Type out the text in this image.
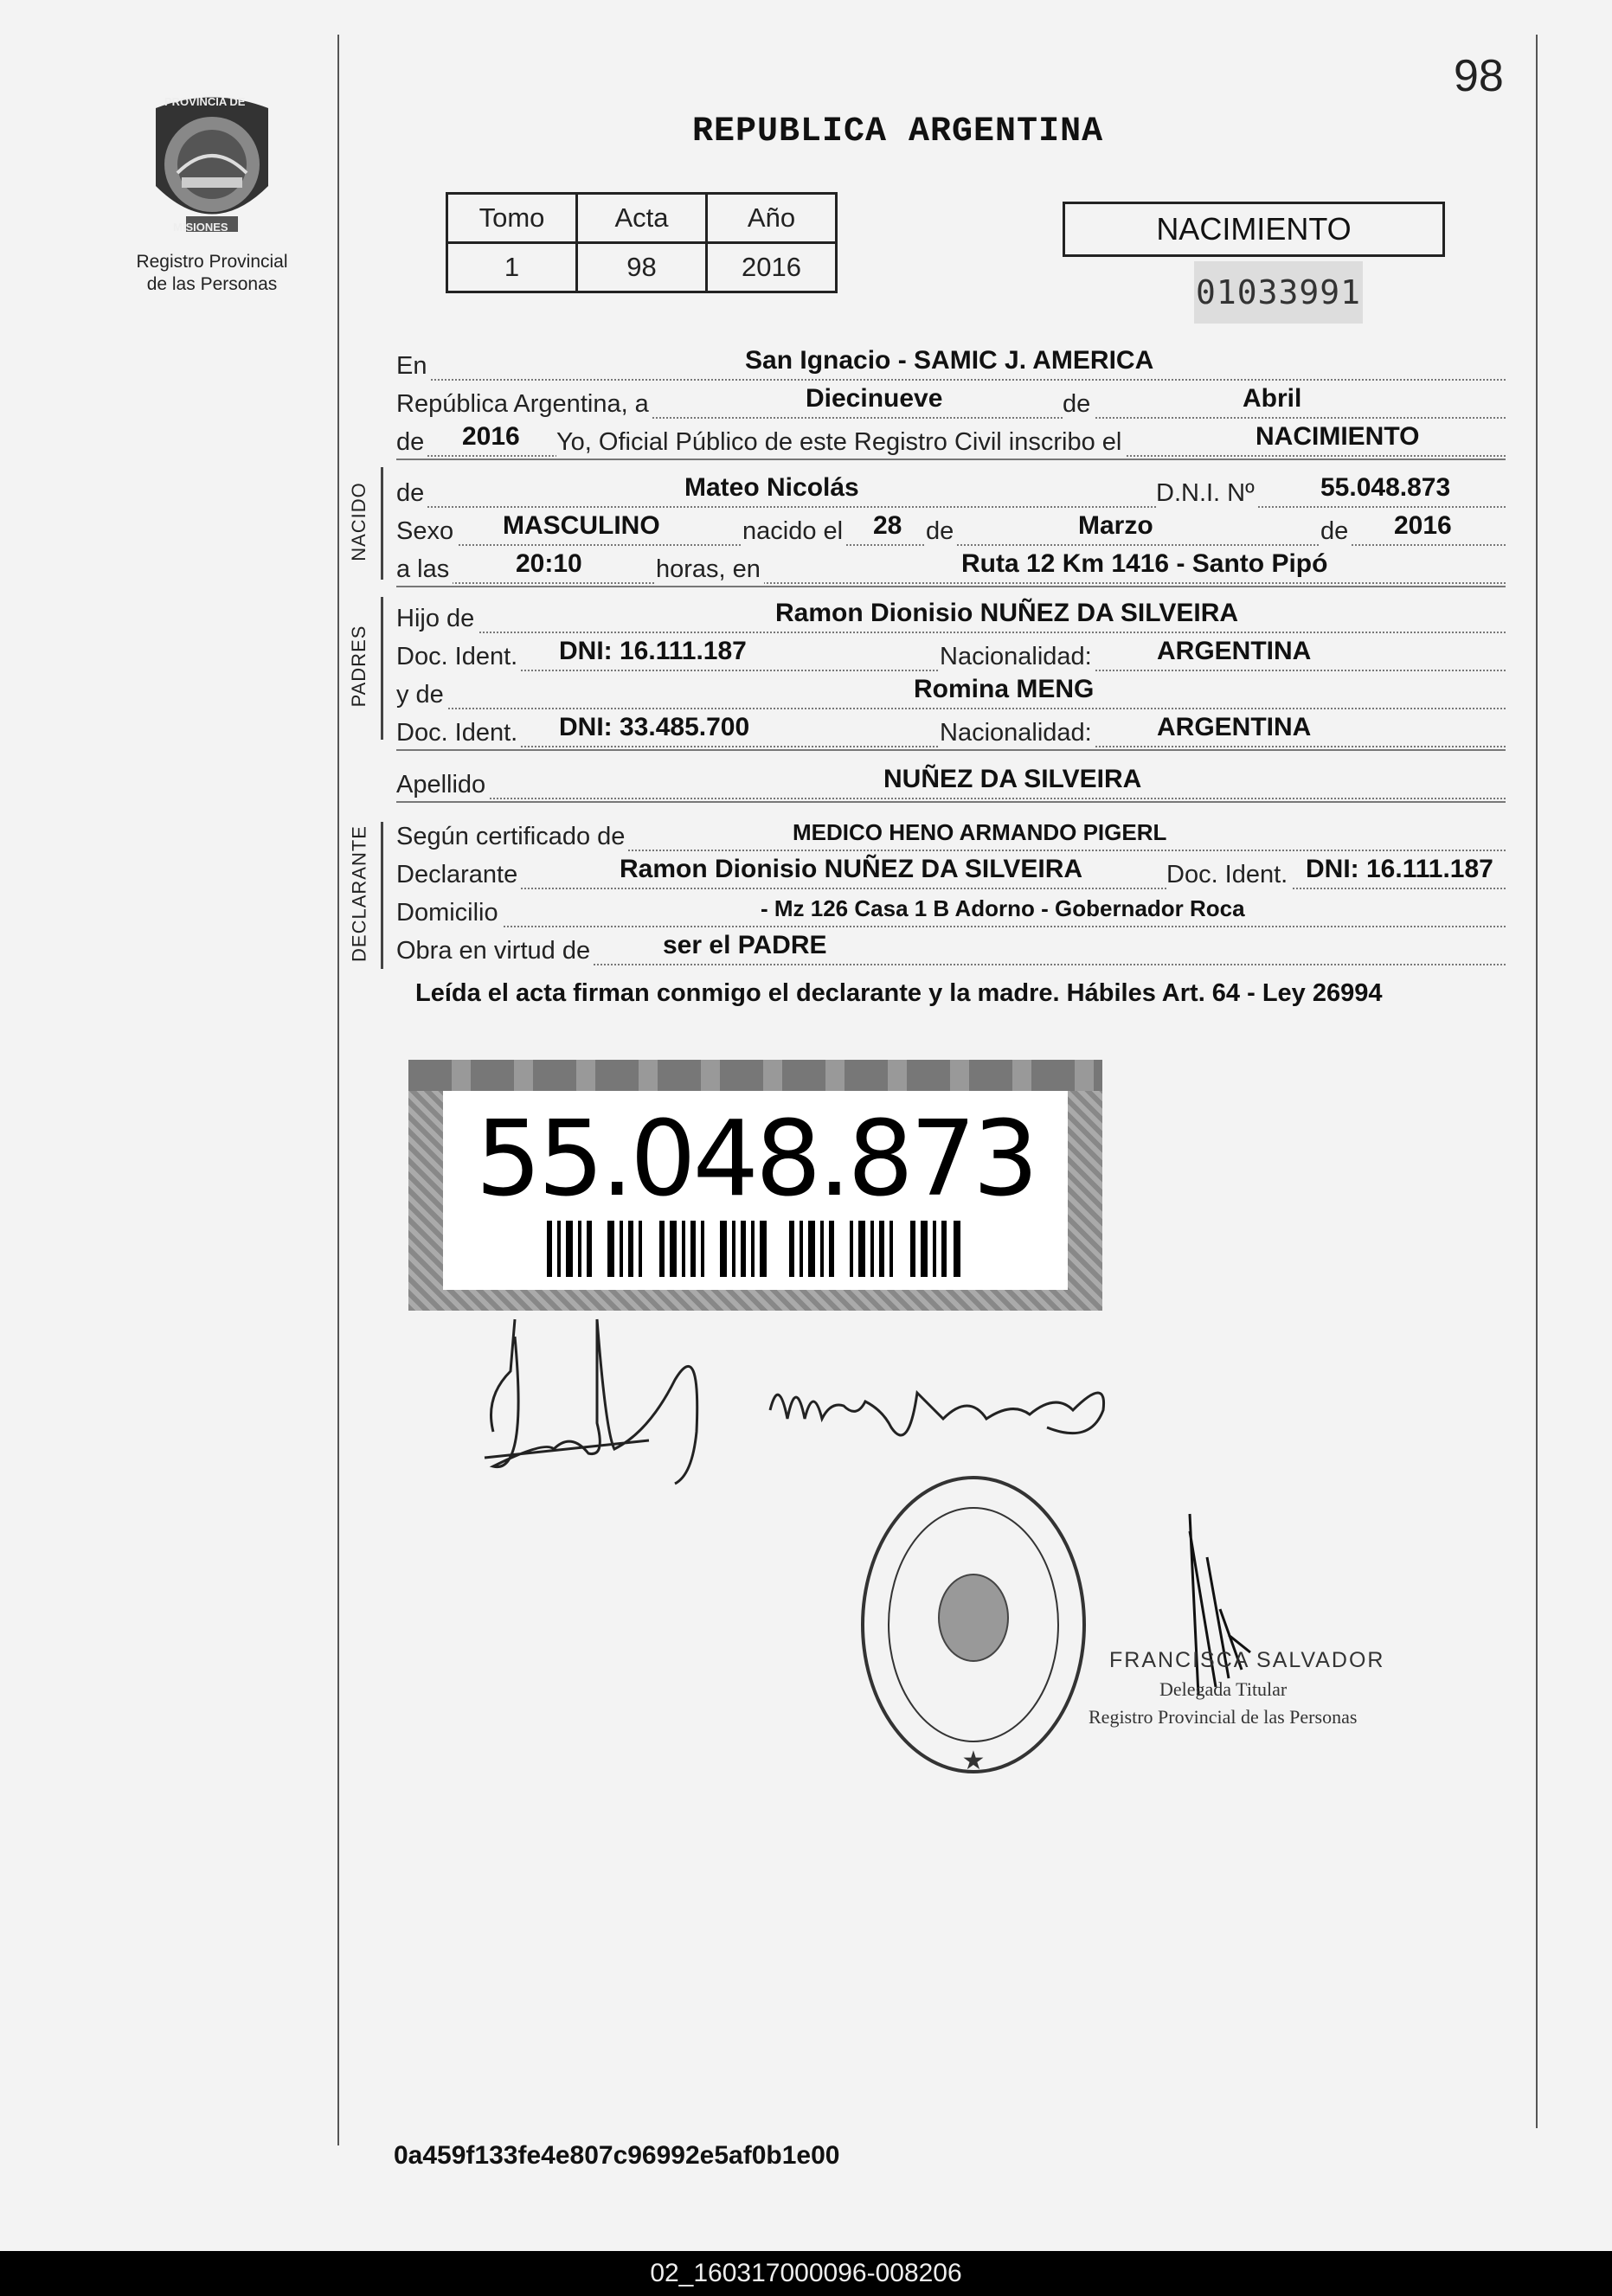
PROVINCIA DE
MISIONES
Registro Provincial
de las Personas
98
REPUBLICA ARGENTINA
Tomo	Acta	Año
1	98	2016
NACIMIENTO
01033991
En	San Ignacio - SAMIC J. AMERICA
República Argentina, a	Diecinueve	de	Abril
de 2016 Yo, Oficial Público de este Registro Civil inscribo el	NACIMIENTO
NACIDO de	Mateo Nicolás	D.N.I. Nº	55.048.873
Sexo MASCULINO	nacido el 28 de	Marzo	de 2016
a las	20:10	horas, en	Ruta 12 Km 1416 - Santo Pipó
PADRES
Hijo de	Ramon Dionisio NUÑEZ DA SILVEIRA
Doc. Ident. DNI: 16.111.187	Nacionalidad:	ARGENTINA
y de	Romina MENG
Doc. Ident. DNI: 33.485.700	Nacionalidad:	ARGENTINA
Apellido	NUÑEZ DA SILVEIRA
DECLARANTE Según certificado de	MEDICO HENO ARMANDO PIGERL
Declarante	Ramon Dionisio NUÑEZ DA SILVEIRA	Doc. Ident. DNI: 16.111.187
Domicilio	- Mz 126 Casa 1 B Adorno - Gobernador Roca
Obra en virtud de	ser el PADRE
Leída el acta firman conmigo el declarante y la madre. Hábiles Art. 64 - Ley 26994
55.048.873
★
FRANCISCA SALVADOR
Delegada Titular
Registro Provincial de las Personas
0a459f133fe4e807c96992e5af0b1e00
02_160317000096-008206
